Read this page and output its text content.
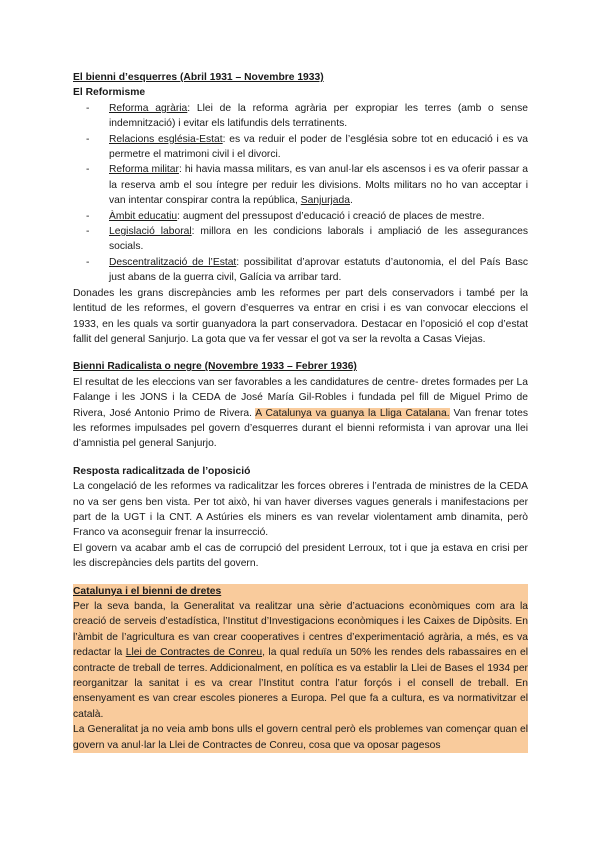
El bienni d’esquerres (Abril 1931 – Novembre 1933)
El Reformisme
- Reforma agrària: Llei de la reforma agrària per expropiar les terres (amb o sense indemnització) i evitar els latifundis dels terratinents.
- Relacions església-Estat: es va reduir el poder de l’església sobre tot en educació i es va permetre el matrimoni civil i el divorci.
- Reforma militar: hi havia massa militars, es van anul·lar els ascensos i es va oferir passar a la reserva amb el sou íntegre per reduir les divisions. Molts militars no ho van acceptar i van intentar conspirar contra la república, Sanjurjada.
- Àmbit educatiu: augment del pressupost d’educació i creació de places de mestre.
- Legislació laboral: millora en les condicions laborals i ampliació de les assegurances socials.
- Descentralització de l’Estat: possibilitat d’aprovar estatuts d’autonomia, el del País Basc just abans de la guerra civil, Galícia va arribar tard.
Donades les grans discrepàncies amb les reformes per part dels conservadors i també per la lentitud de les reformes, el govern d’esquerres va entrar en crisi i es van convocar eleccions el 1933, en les quals va sortir guanyadora la part conservadora. Destacar en l’oposició el cop d’estat fallit del general Sanjurjo. La gota que va fer vessar el got va ser la revolta a Casas Viejas.
Bienni Radicalista o negre (Novembre 1933 – Febrer 1936)
El resultat de les eleccions van ser favorables a les candidatures de centre- dretes formades per La Falange i les JONS i la CEDA de José María Gil-Robles i fundada pel fill de Miguel Primo de Rivera, José Antonio Primo de Rivera. A Catalunya va guanya la Lliga Catalana. Van frenar totes les reformes impulsades pel govern d’esquerres durant el bienni reformista i van aprovar una llei d’amnistia pel general Sanjurjo.
Resposta radicalitzada de l’oposició
La congelació de les reformes va radicalitzar les forces obreres i l’entrada de ministres de la CEDA no va ser gens ben vista. Per tot això, hi van haver diverses vagues generals i manifestacions per part de la UGT i la CNT. A Astúries els miners es van revelar violentament amb dinamita, però Franco va aconseguir frenar la insurrecció.
El govern va acabar amb el cas de corrupció del president Lerroux, tot i que ja estava en crisi per les discrepàncies dels partits del govern.
Catalunya i el bienni de dretes
Per la seva banda, la Generalitat va realitzar una sèrie d’actuacions econòmiques com ara la creació de serveis d’estadística, l’Institut d’Investigacions econòmiques i les Caixes de Dipòsits. En l’àmbit de l’agricultura es van crear cooperatives i centres d’experimentació agrària, a més, es va redactar la Llei de Contractes de Conreu, la qual reduïa un 50% les rendes dels rabassaires en el contracte de treball de terres. Addicionalment, en política es va establir la Llei de Bases el 1934 per reorganitzar la sanitat i es va crear l’Institut contra l’atur forçós i el consell de treball. En ensenyament es van crear escoles pioneres a Europa. Pel que fa a cultura, es va normativitzar el català.
La Generalitat ja no veia amb bons ulls el govern central però els problemes van començar quan el govern va anul·lar la Llei de Contractes de Conreu, cosa que va oposar pagesos
